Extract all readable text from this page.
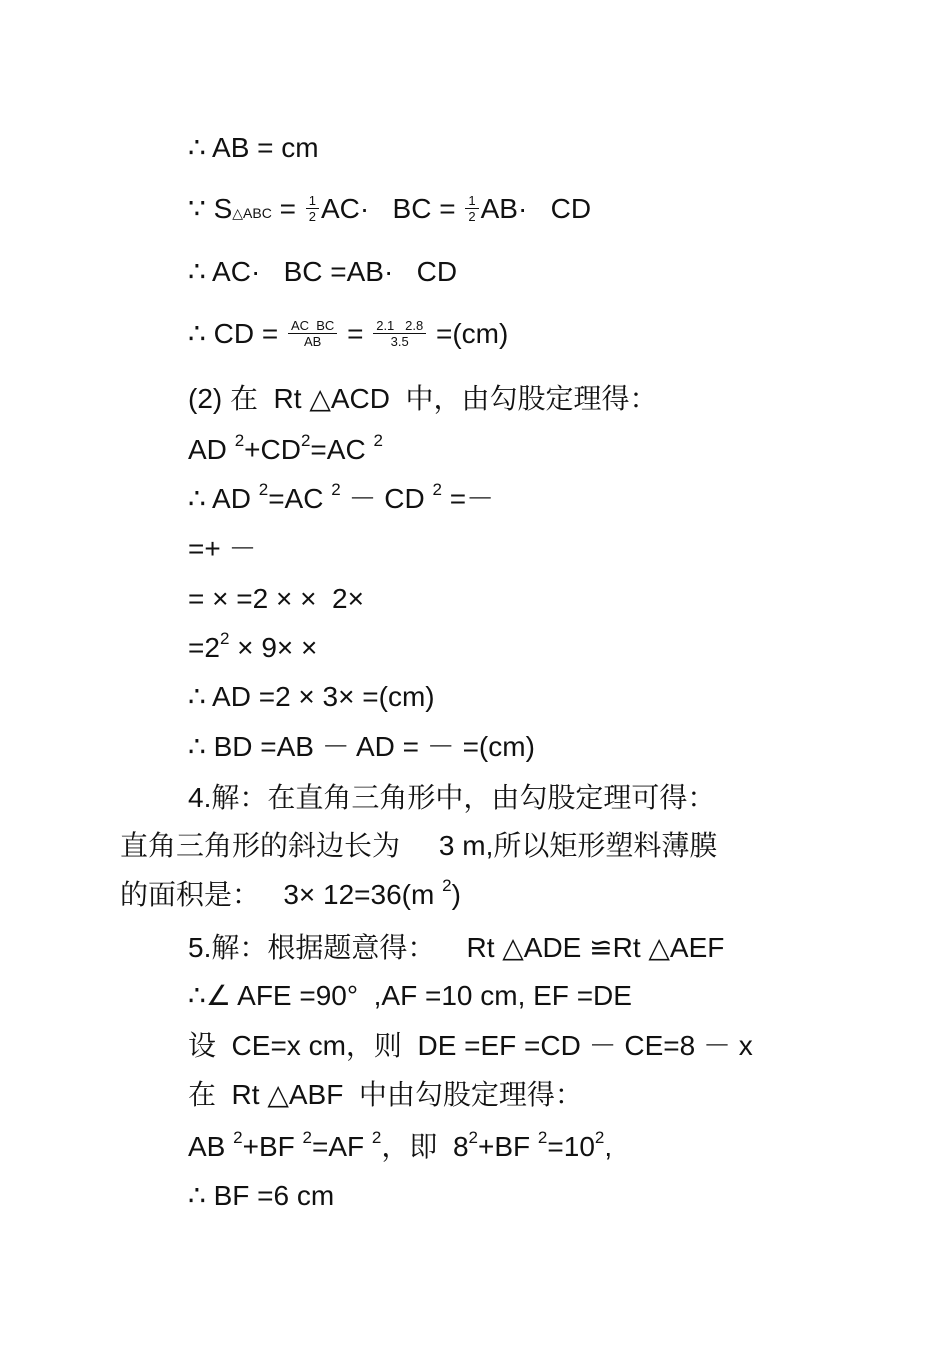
∴ AB = cm
∵ S△ABC = $\frac{1}{2} AC\cdot$   BC = $\frac{1}{2} AB\cdot$   CD
∴ AC·   BC =AB·   CD
∴ CD = $\frac{\text{AC  BC}}{AB} = \frac{2.1 2.8}{3.5} =(cm)$
(2) 在  Rt △ACD  中，由勾股定理得：
AD $^2+CD^2=AC$ $^2$
∴ AD $^2$=AC $^2$ － CD $^2$ =－
=+ －
= × =2 × ×  2×
$=2^2 \times 9\times$ ×
∴ AD =2 × 3× =(cm)
∴ BD =AB － AD = － =(cm)
4.解：在直角三角形中，由勾股定理可得：
直角三角形的斜边长为     3 m,所以矩形塑料薄膜
的面积是：   3× 12=36(m $^2$)
5.解：根据题意得：    Rt △ADE ≌Rt △AEF
∴∠ AFE =90°  ,AF =10 cm, EF =DE
设  CE=x cm，则  DE =EF =CD － CE=8 － x
在  Rt △ABF  中由勾股定理得：
AB $^2$+BF $^2$=AF $^2$，即  $8^2+BF$ $^2=10^2$,
∴ BF =6 cm
